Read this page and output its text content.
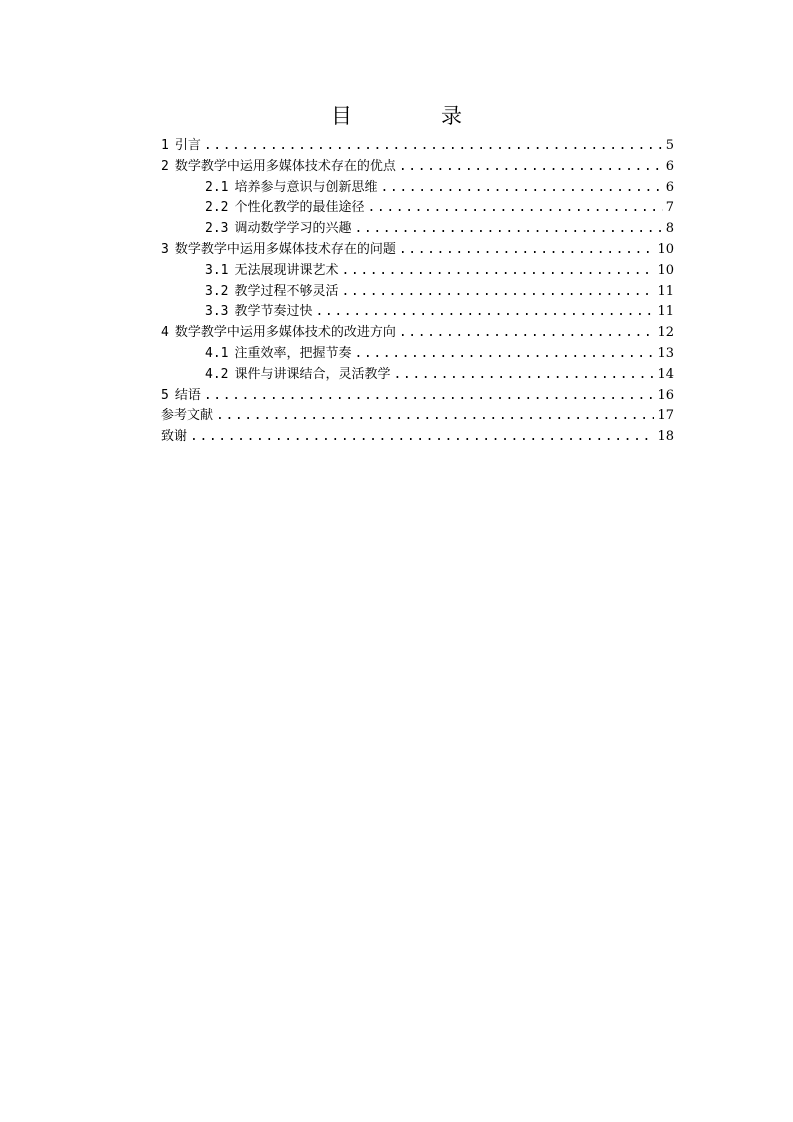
目　录
1 引言 .....	5
2 数学教学中运用多媒体技术存在的优点 .....	6
2.1 培养参与意识与创新思维 .....	6
2.2 个性化教学的最佳途径 .....	7
2.3 调动数学学习的兴趣 .....	8
3 数学教学中运用多媒体技术存在的问题 .....	10
3.1 无法展现讲课艺术 .....	10
3.2 教学过程不够灵活 .....	11
3.3 教学节奏过快 .....	11
4 数学教学中运用多媒体技术的改进方向 .....	12
4.1 注重效率，把握节奏 .....	13
4.2 课件与讲课结合，灵活教学 .....	14
5 结语 .....	16
参考文献 .....	17
致谢 .....	18
